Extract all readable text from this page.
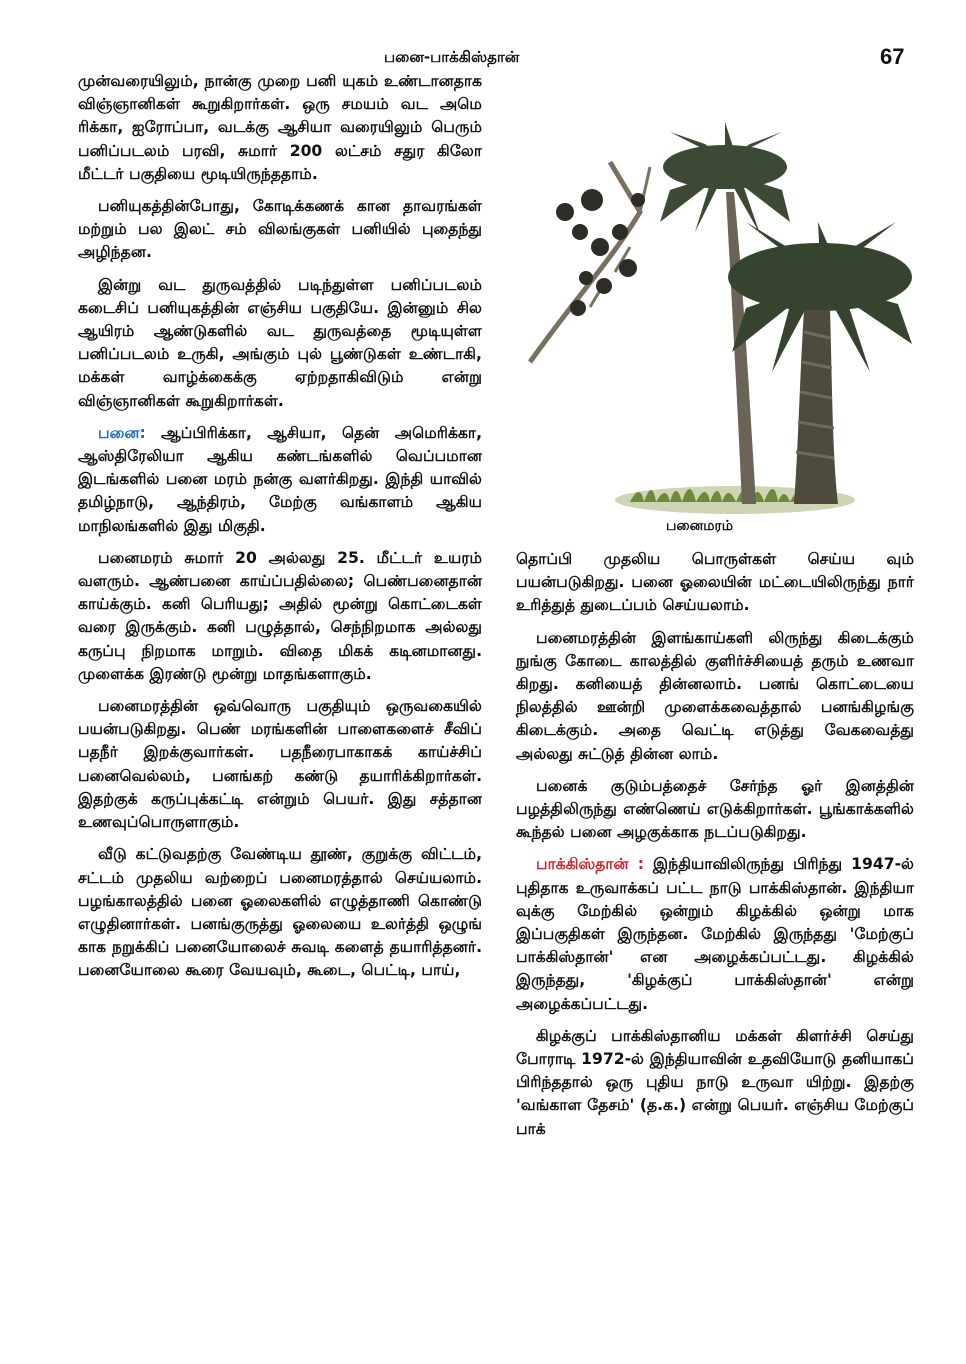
பனை-பாக்கிஸ்தான்	67

முன்வரையிலும், நான்கு முறை பனி யுகம் உண்டானதாக விஞ்ஞானிகள் கூறுகிறார்கள். ஒரு சமயம் வட அமெ ரிக்கா, ஐரோப்பா, வடக்கு ஆசியா வரையிலும் பெரும் பனிப்படலம் பரவி, சுமார் 200 லட்சம் சதுர கிலோ மீட்டர் பகுதியை மூடியிருந்ததாம்.

பனியுகத்தின்போது, கோடிக்கணக் கான தாவரங்கள் மற்றும் பல இலட் சம் விலங்குகள் பனியில் புதைந்து அழிந்தன.

இன்று வட துருவத்தில் படிந்துள்ள பனிப்படலம் கடைசிப் பனியுகத்தின் எஞ்சிய பகுதியே. இன்னும் சில ஆயிரம் ஆண்டுகளில் வட துருவத்தை மூடியுள்ள பனிப்படலம் உருகி, அங்கும் புல் பூண்டுகள் உண்டாகி, மக்கள் வாழ்க்கைக்கு ஏற்றதாகிவிடும் என்று விஞ்ஞானிகள் கூறுகிறார்கள்.

பனை: ஆப்பிரிக்கா, ஆசியா, தென் அமெரிக்கா, ஆஸ்திரேலியா ஆகிய கண்டங்களில் வெப்பமான இடங்களில் பனை மரம் நன்கு வளர்கிறது. இந்தி யாவில் தமிழ்நாடு, ஆந்திரம், மேற்கு வங்காளம் ஆகிய மாநிலங்களில் இது மிகுதி.

பனைமரம் சுமார் 20 அல்லது 25. மீட்டர் உயரம் வளரும். ஆண்பனை காய்ப்பதில்லை; பெண்பனைதான் காய்க்கும். கனி பெரியது; அதில் மூன்று கொட்டைகள் வரை இருக்கும். கனி பழுத்தால், செந்நிறமாக அல்லது கருப்பு நிறமாக மாறும். விதை மிகக் கடினமானது. முளைக்க இரண்டு மூன்று மாதங்களாகும்.

பனைமரத்தின் ஒவ்வொரு பகுதியும் ஒருவகையில் பயன்படுகிறது. பெண் மரங்களின் பாளைகளைச் சீவிப் பதநீர் இறக்குவார்கள். பதநீரைபாகாகக் காய்ச்சிப் பனைவெல்லம், பனங்கற் கண்டு தயாரிக்கிறார்கள். இதற்குக் கருப்புக்கட்டி என்றும் பெயர். இது சத்தான உணவுப்பொருளாகும்.

வீடு கட்டுவதற்கு வேண்டிய தூண், குறுக்கு விட்டம், சட்டம் முதலிய வற்றைப் பனைமரத்தால் செய்யலாம். பழங்காலத்தில் பனை ஓலைகளில் எழுத்தாணி கொண்டு எழுதினார்கள். பனங்குருத்து ஓலையை உலர்த்தி ஒழுங் காக நறுக்கிப் பனையோலைச் சுவடி களைத் தயாரித்தனர். பனையோலை கூரை வேயவும், கூடை, பெட்டி, பாய்,

பனைமரம்

தொப்பி முதலிய பொருள்கள் செய்ய வும் பயன்படுகிறது. பனை ஓலையின் மட்டையிலிருந்து நார் உரித்துத் துடைப்பம் செய்யலாம்.

பனைமரத்தின் இளங்காய்களி லிருந்து கிடைக்கும் நுங்கு கோடை காலத்தில் குளிர்ச்சியைத் தரும் உணவா கிறது. கனியைத் தின்னலாம். பனங் கொட்டையை நிலத்தில் ஊன்றி முளைக்கவைத்தால் பனங்கிழங்கு கிடைக்கும். அதை வெட்டி எடுத்து வேகவைத்து அல்லது சுட்டுத் தின்ன லாம்.

பனைக் குடும்பத்தைச் சேர்ந்த ஓர் இனத்தின் பழத்திலிருந்து எண்ணெய் எடுக்கிறார்கள். பூங்காக்களில் கூந்தல் பனை அழகுக்காக நடப்படுகிறது.

பாக்கிஸ்தான் : இந்தியாவிலிருந்து பிரிந்து 1947-ல் புதிதாக உருவாக்கப் பட்ட நாடு பாக்கிஸ்தான். இந்தியா வுக்கு மேற்கில் ஒன்றும் கிழக்கில் ஒன்று மாக இப்பகுதிகள் இருந்தன. மேற்கில் இருந்தது 'மேற்குப் பாக்கிஸ்தான்' என அழைக்கப்பட்டது. கிழக்கில் இருந்தது, 'கிழக்குப் பாக்கிஸ்தான்' என்று அழைக்கப்பட்டது.

கிழக்குப் பாக்கிஸ்தானிய மக்கள் கிளர்ச்சி செய்து போராடி 1972-ல் இந்தியாவின் உதவியோடு தனியாகப் பிரிந்ததால் ஒரு புதிய நாடு உருவா யிற்று. இதற்கு 'வங்காள தேசம்' (த.க.) என்று பெயர். எஞ்சிய மேற்குப் பாக்
